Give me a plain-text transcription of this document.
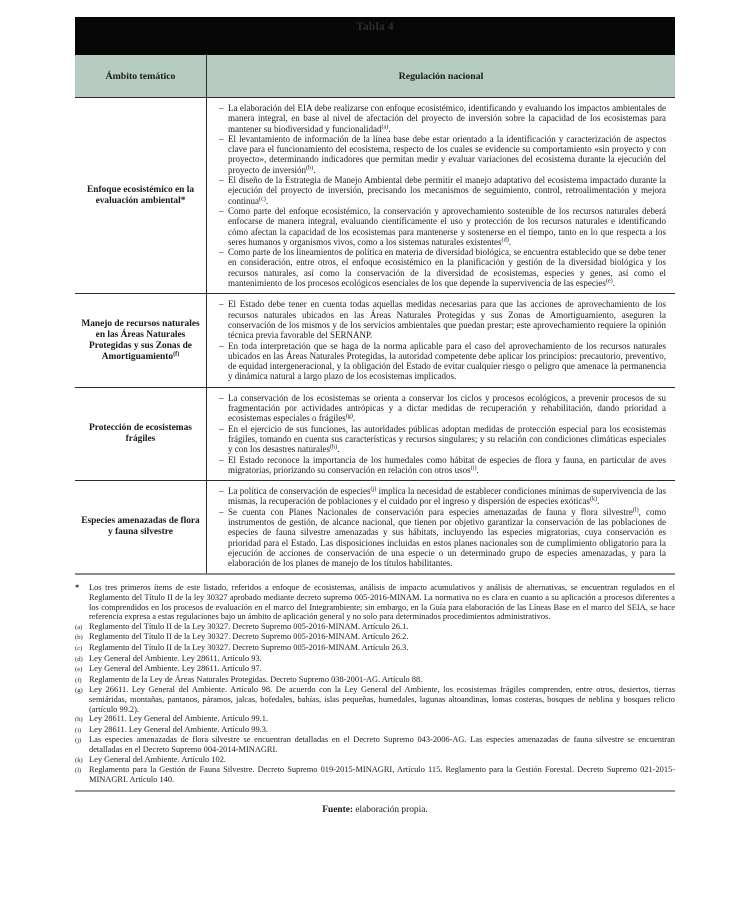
Tabla 4
Ámbito temático	Regulación nacional
Enfoque ecosistémico en la evaluación ambiental*
– La elaboración del EIA debe realizarse con enfoque ecosistémico, identificando y evaluando los impactos ambientales de manera integral, en base al nivel de afectación del proyecto de inversión sobre la capacidad de los ecosistemas para mantener su biodiversidad y funcionalidad$^{(a)}$.
– El levantamiento de información de la línea base debe estar orientado a la identificación y caracterización de aspectos clave para el funcionamiento del ecosistema, respecto de los cuales se evidencie su comportamiento «sin proyecto y con proyecto», determinando indicadores que permitan medir y evaluar variaciones del ecosistema durante la ejecución del proyecto de inversión$^{(b)}$.
– El diseño de la Estrategia de Manejo Ambiental debe permitir el manejo adaptativo del ecosistema impactado durante la ejecución del proyecto de inversión, precisando los mecanismos de seguimiento, control, retroalimentación y mejora continua$^{(c)}$.
– Como parte del enfoque ecosistémico, la conservación y aprovechamiento sostenible de los recursos naturales deberá enfocarse de manera integral, evaluando científicamente el uso y protección de los recursos naturales e identificando cómo afectan la capacidad de los ecosistemas para mantenerse y sostenerse en el tiempo, tanto en lo que respecta a los seres humanos y organismos vivos, como a los sistemas naturales existentes$^{(d)}$.
– Como parte de los lineamientos de política en materia de diversidad biológica, se encuentra establecido que se debe tener en consideración, entre otros, el enfoque ecosistémico en la planificación y gestión de la diversidad biológica y los recursos naturales, así como la conservación de la diversidad de ecosistemas, especies y genes, así como el mantenimiento de los procesos ecológicos esenciales de los que depende la supervivencia de las especies$^{(e)}$.
Manejo de recursos naturales en las Áreas Naturales Protegidas y sus Zonas de Amortiguamiento$^{(f)}$
– El Estado debe tener en cuenta todas aquellas medidas necesarias para que las acciones de aprovechamiento de los recursos naturales ubicados en las Áreas Naturales Protegidas y sus Zonas de Amortiguamiento, aseguren la conservación de los mismos y de los servicios ambientales que puedan prestar; este aprovechamiento requiere la opinión técnica previa favorable del SERNANP.
– En toda interpretación que se haga de la norma aplicable para el caso del aprovechamiento de los recursos naturales ubicados en las Áreas Naturales Protegidas, la autoridad competente debe aplicar los principios: precautorio, preventivo, de equidad intergeneracional, y la obligación del Estado de evitar cualquier riesgo o peligro que amenace la permanencia y dinámica natural a largo plazo de los ecosistemas implicados.
Protección de ecosistemas frágiles
– La conservación de los ecosistemas se orienta a conservar los ciclos y procesos ecológicos, a prevenir procesos de su fragmentación por actividades antrópicas y a dictar medidas de recuperación y rehabilitación, dando prioridad a ecosistemas especiales o frágiles$^{(g)}$.
– En el ejercicio de sus funciones, las autoridades públicas adoptan medidas de protección especial para los ecosistemas frágiles, tomando en cuenta sus características y recursos singulares; y su relación con condiciones climáticas especiales y con los desastres naturales$^{(h)}$.
– El Estado reconoce la importancia de los humedales como hábitat de especies de flora y fauna, en particular de aves migratorias, priorizando su conservación en relación con otros usos$^{(i)}$.
Especies amenazadas de flora y fauna silvestre
– La política de conservación de especies$^{(j)}$ implica la necesidad de establecer condiciones mínimas de supervivencia de las mismas, la recuperación de poblaciones y el cuidado por el ingreso y dispersión de especies exóticas$^{(k)}$.
– Se cuenta con Planes Nacionales de conservación para especies amenazadas de fauna y flora silvestre$^{(l)}$, como instrumentos de gestión, de alcance nacional, que tienen por objetivo garantizar la conservación de las poblaciones de especies de fauna silvestre amenazadas y sus hábitats, incluyendo las especies migratorias, cuya conservación es prioridad para el Estado. Las disposiciones incluidas en estos planes nacionales son de cumplimiento obligatorio para la ejecución de acciones de conservación de una especie o un determinado grupo de especies amenazadas, y para la elaboración de los planes de manejo de los títulos habilitantes.
*	Los tres primeros ítems de este listado, referidos a enfoque de ecosistemas, análisis de impacto acumulativos y análisis de alternativas, se encuentran regulados en el Reglamento del Título II de la ley 30327 aprobado mediante decreto supremo 005-2016-MINAM. La normativa no es clara en cuanto a su aplicación a procesos diferentes a los comprendidos en los procesos de evaluación en el marco del Integrambiente; sin embargo, en la Guía para elaboración de las Líneas Base en el marco del SEIA, se hace referencia expresa a estas regulaciones bajo un ámbito de aplicación general y no solo para determinados procedimientos administrativos.
(a) Reglamento del Título II de la Ley 30327. Decreto Supremo 005-2016-MINAM. Artículo 26.1.
(b) Reglamento del Título II de la Ley 30327. Decreto Supremo 005-2016-MINAM. Artículo 26.2.
(c) Reglamento del Título II de la Ley 30327. Decreto Supremo 005-2016-MINAM. Artículo 26.3.
(d) Ley General del Ambiente. Ley 28611. Artículo 93.
(e) Ley General del Ambiente. Ley 28611. Artículo 97.
(f) Reglamento de la Ley de Áreas Naturales Protegidas. Decreto Supremo 038-2001-AG. Artículo 88.
(g) Ley 26611. Ley General del Ambiente. Artículo 98. De acuerdo con la Ley General del Ambiente, los ecosistemas frágiles comprenden, entre otros, desiertos, tierras semiáridas, montañas, pantanos, páramos, jalcas, bofedales, bahías, islas pequeñas, humedales, lagunas altoandinas, lomas costeras, bosques de neblina y bosques relicto (artículo 99.2).
(h) Ley 28611. Ley General del Ambiente. Artículo 99.1.
(i) Ley 28611. Ley General del Ambiente. Artículo 99.3.
(j) Las especies amenazadas de flora silvestre se encuentran detalladas en el Decreto Supremo 043-2006-AG. Las especies amenazadas de fauna silvestre se encuentran detalladas en el Decreto Supremo 004-2014-MINAGRI.
(k) Ley General del Ambiente. Artículo 102.
(l) Reglamento para la Gestión de Fauna Silvestre. Decreto Supremo 019-2015-MINAGRI, Artículo 115. Reglamento para la Gestión Forestal. Decreto Supremo 021-2015-MINAGRI. Artículo 140.
Fuente: elaboración propia.
